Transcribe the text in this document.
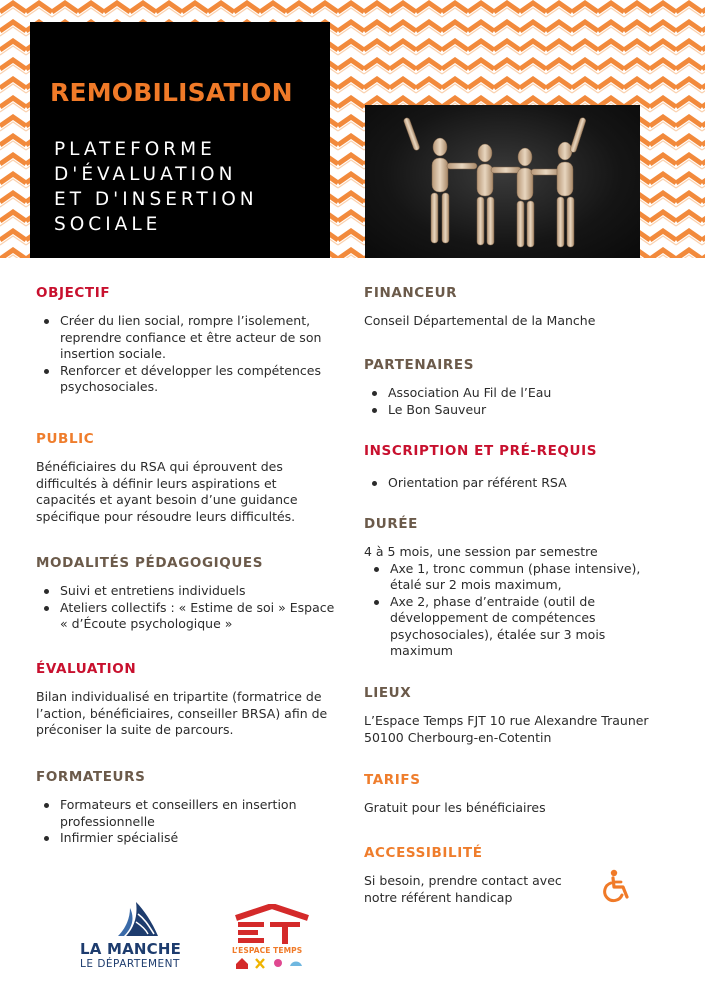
REMOBILISATION
PLATEFORME
D'ÉVALUATION
ET D'INSERTION
SOCIALE
OBJECTIF
Créer du lien social, rompre l’isolement, reprendre confiance et être acteur de son insertion sociale.
Renforcer et développer les compétences psychosociales.
PUBLIC

Bénéficiaires du RSA qui éprouvent des difficultés à définir leurs aspirations et capacités et ayant besoin d’une guidance spécifique pour résoudre leurs difficultés.

MODALITÉS PÉDAGOGIQUES
Suivi et entretiens individuels
Ateliers collectifs : « Estime de soi » Espace « d’Écoute psychologique »
ÉVALUATION

Bilan individualisé en tripartite (formatrice de l’action, bénéficiaires, conseiller BRSA) afin de préconiser la suite de parcours.

FORMATEURS
Formateurs et conseillers en insertion professionnelle
Infirmier spécialisé
FINANCEUR

Conseil Départemental de la Manche

PARTENAIRES
Association Au Fil de l’Eau
Le Bon Sauveur
INSCRIPTION ET PRÉ-REQUIS
Orientation par référent RSA
DURÉE

4 à 5 mois, une session par semestre

Axe 1, tronc commun (phase intensive), étalé sur 2 mois maximum,
Axe 2, phase d’entraide (outil de développement de compétences psychosociales), étalée sur 3 mois maximum
LIEUX

L’Espace Temps FJT 10 rue Alexandre Trauner 50100 Cherbourg-en-Cotentin

TARIFS

Gratuit pour les bénéficiaires

ACCESSIBILITÉ

Si besoin, prendre contact avec notre référent handicap

LA MANCHE
LE DÉPARTEMENT
L’ESPACE TEMPS
